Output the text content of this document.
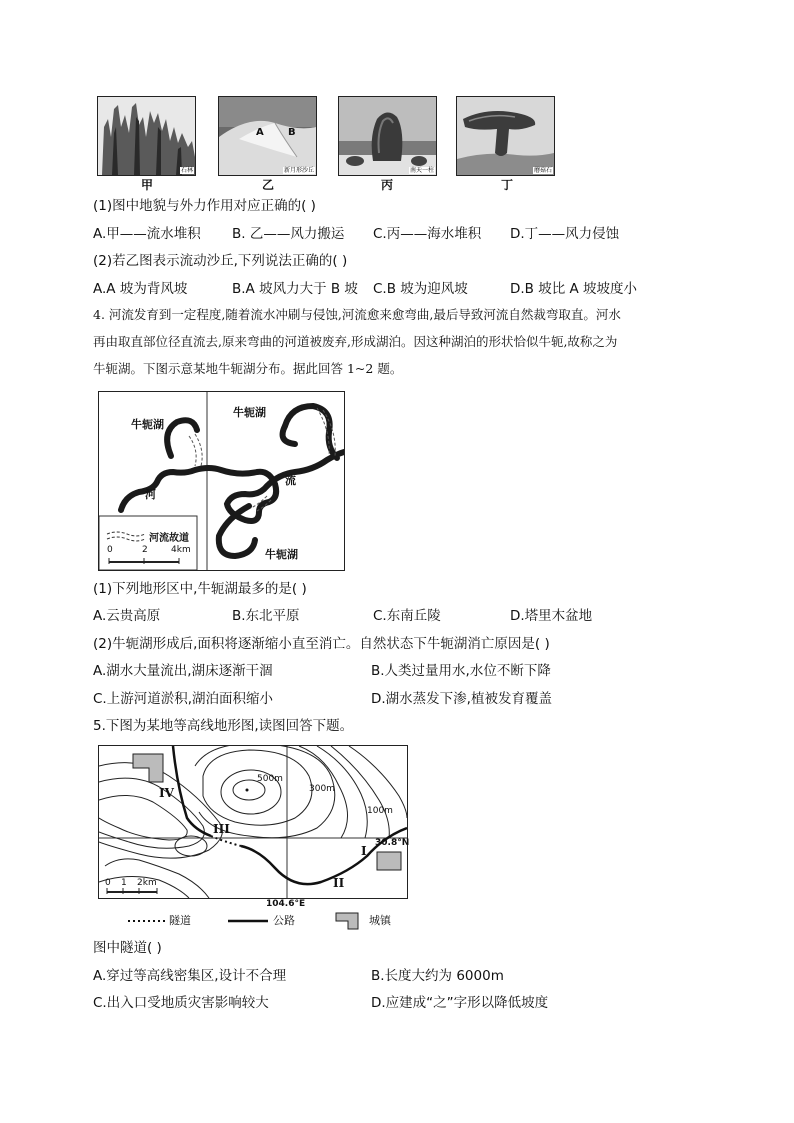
石林
A B
新月形沙丘	南天一柱	蘑菇石
甲	乙	丙	丁
(1)图中地貌与外力作用对应正确的( )
A.甲——流水堆积 B. 乙——风力搬运 C.丙——海水堆积 D.丁——风力侵蚀
(2)若乙图表示流动沙丘,下列说法正确的( )
A.A 坡为背风坡	B.A 坡风力大于 B 坡 C.B 坡为迎风坡	D.B 坡比 A 坡坡度小
4. 河流发育到一定程度,随着流水冲刷与侵蚀,河流愈来愈弯曲,最后导致河流自然裁弯取直。河水
再由取直部位径直流去,原来弯曲的河道被废弃,形成湖泊。因这种湖泊的形状恰似牛轭,故称之为
牛轭湖。下图示意某地牛轭湖分布。据此回答 1~2 题。
牛轭湖
牛轭湖
牛轭湖
河
流
河流故道
0	2	4km
(1)下列地形区中,牛轭湖最多的是( )
A.云贵高原	B.东北平原	C.东南丘陵	D.塔里木盆地
(2)牛轭湖形成后,面积将逐渐缩小直至消亡。自然状态下牛轭湖消亡原因是( )
A.湖水大量流出,湖床逐渐干涸	B.人类过量用水,水位不断下降
C.上游河道淤积,湖泊面积缩小	D.湖水蒸发下渗,植被发育覆盖
5.下图为某地等高线地形图,读图回答下题。
500m
300m
100m
IV
III
I
II
30.8°N
0 1 2km
104.6°E
隧道	公路	城镇
图中隧道( )
A.穿过等高线密集区,设计不合理	B.长度大约为 6000m
C.出入口受地质灾害影响较大	D.应建成“之”字形以降低坡度
